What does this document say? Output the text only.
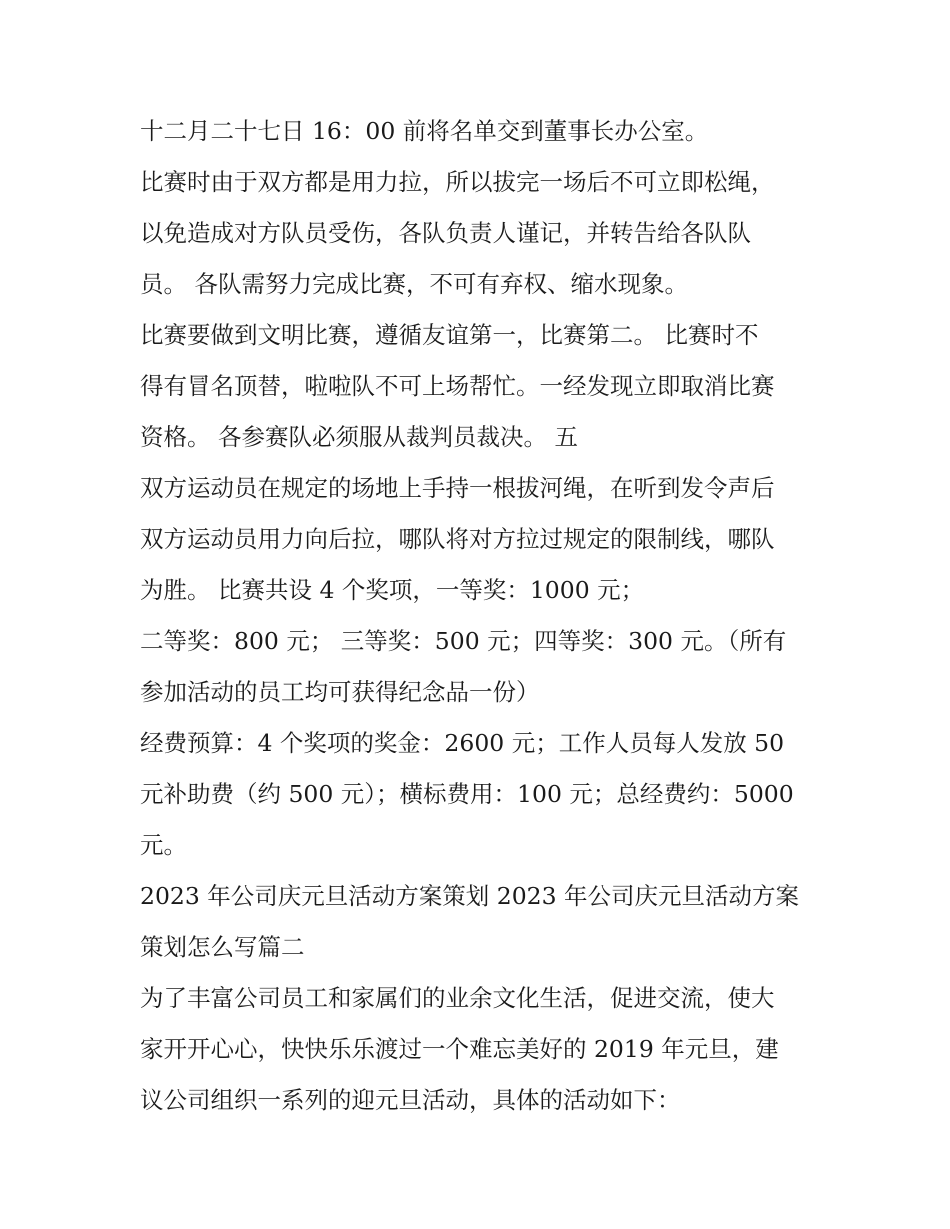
十二月二十七日 16：00 前将名单交到董事长办公室。

比赛时由于双方都是用力拉，所以拔完一场后不可立即松绳，
以免造成对方队员受伤，各队负责人谨记，并转告给各队队
员。 各队需努力完成比赛，不可有弃权、缩水现象。

比赛要做到文明比赛，遵循友谊第一，比赛第二。 比赛时不
得有冒名顶替，啦啦队不可上场帮忙。一经发现立即取消比赛
资格。 各参赛队必须服从裁判员裁决。 五

双方运动员在规定的场地上手持一根拔河绳，在听到发令声后
双方运动员用力向后拉，哪队将对方拉过规定的限制线，哪队
为胜。 比赛共设 4 个奖项，一等奖：1000 元；

二等奖：800 元； 三等奖：500 元；四等奖：300 元。（所有
参加活动的员工均可获得纪念品一份）

经费预算：4 个奖项的奖金：2600 元；工作人员每人发放 50
元补助费（约 500 元）；横标费用：100 元；总经费约：5000
元。

2023 年公司庆元旦活动方案策划 2023 年公司庆元旦活动方案
策划怎么写篇二

为了丰富公司员工和家属们的业余文化生活，促进交流，使大
家开开心心，快快乐乐渡过一个难忘美好的 2019 年元旦，建
议公司组织一系列的迎元旦活动，具体的活动如下：
